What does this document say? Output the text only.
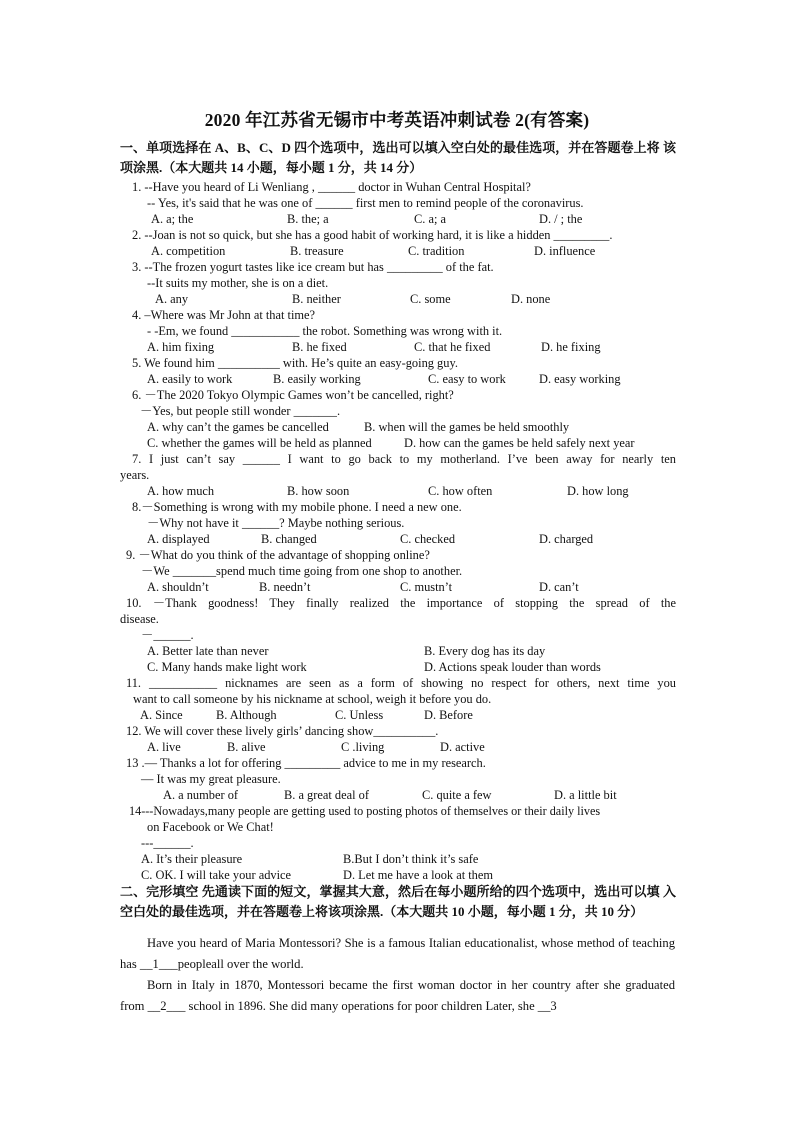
2020 年江苏省无锡市中考英语冲刺试卷 2(有答案)
一、单项选择在 A、B、C、D 四个选项中，选出可以填入空白处的最佳选项，并在答题卷上将 该项涂黑.（本大题共 14 小题，每小题 1 分，共 14 分）
1. --Have you heard of Li Wenliang , ______ doctor in Wuhan Central Hospital?
-- Yes, it's said that he was one of ______ first men to remind people of the coronavirus.
A. a; the	B. the; a	C. a; a	D. / ; the
2. --Joan is not so quick, but she has a good habit of working hard, it is like a hidden _________.
A. competition	B. treasure	C. tradition	D. influence
3. --The frozen yogurt tastes like ice cream but has _________ of the fat.
--It suits my mother, she is on a diet.
A. any	B. neither	C. some	D. none
4. –Where was Mr John at that time?
- -Em, we found ___________ the robot. Something was wrong with it.
A. him fixing	B. he fixed	C. that he fixed	D. he fixing
5. We found him __________ with. He’s quite an easy-going guy.
A. easily to work	B. easily working	C. easy to work	D. easy working
6. －The 2020 Tokyo Olympic Games won’t be cancelled, right?
－Yes, but people still wonder _______.
A. why can’t the games be cancelled	B. when will the games be held smoothly
C. whether the games will be held as planned	D. how can the games be held safely next year
7. I just can’t say ______ I want to go back to my motherland. I’ve been away for nearly ten
years.
A. how much	B. how soon	C. how often	D. how long
8.－Something is wrong with my mobile phone. I need a new one.
－Why not have it ______? Maybe nothing serious.
A. displayed	B. changed	C. checked	D. charged
9. －What do you think of the advantage of shopping online?
－We _______spend much time going from one shop to another.
A. shouldn’t	B. needn’t	C. mustn’t	D. can’t
10. －Thank goodness! They finally realized the importance of stopping the spread of the
disease.
－______.
A. Better late than never	B. Every dog has its day
C. Many hands make light work	D. Actions speak louder than words
11. ___________ nicknames are seen as a form of showing no respect for others, next time you
want to call someone by his nickname at school, weigh it before you do.
A. Since	B. Although	C. Unless	D. Before
12. We will cover these lively girls’ dancing show__________.
A. live	B. alive	C .living	D. active
13 .— Thanks a lot for offering _________ advice to me in my research.
— It was my great pleasure.
A. a number of	B. a great deal of	C. quite a few	D. a little bit
14---Nowadays,many people are getting used to posting photos of themselves or their daily lives
on Facebook or We Chat!
---______.
A. It’s their pleasure	B.But I don’t think it’s safe
C. OK. I will take your advice	D. Let me have a look at them
二、完形填空 先通读下面的短文，掌握其大意，然后在每小题所给的四个选项中，选出可以填 入空白处的最佳选项，并在答题卷上将该项涂黑.（本大题共 10 小题，每小题 1 分，共 10 分）
Have you heard of Maria Montessori? She is a famous Italian educationalist, whose method of teaching has __1___peopleall over the world.
Born in Italy in 1870, Montessori became the first woman doctor in her country after she graduated from __2___ school in 1896. She did many operations for poor children Later, she __3
